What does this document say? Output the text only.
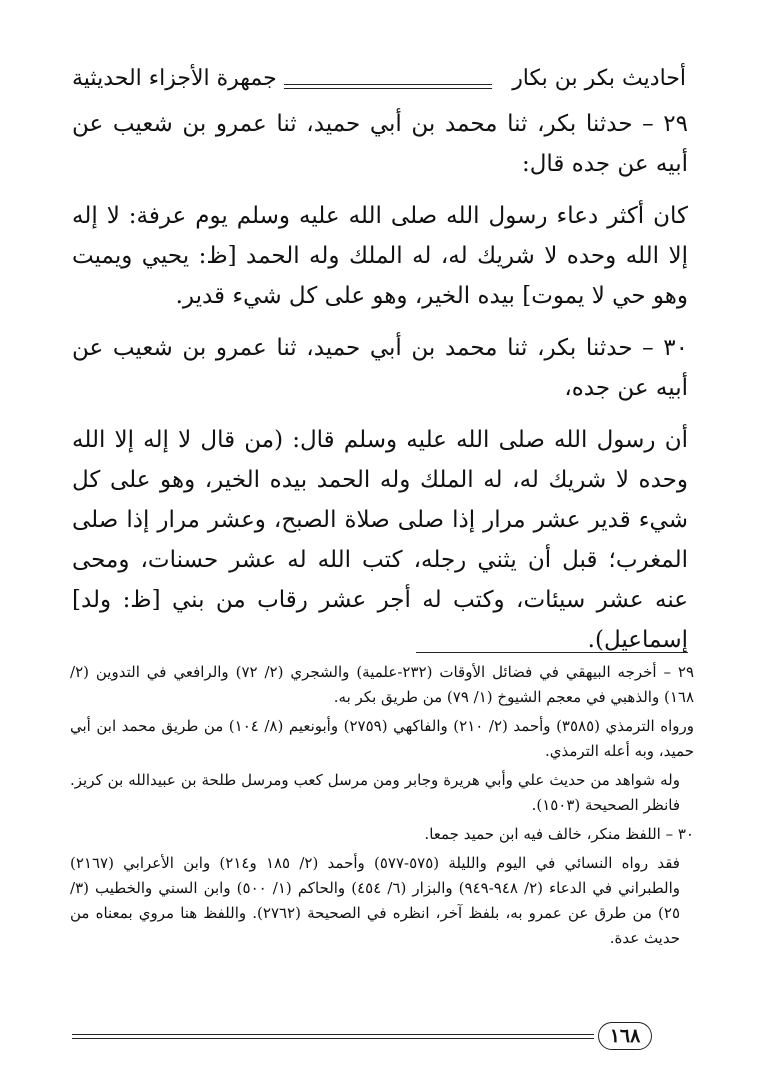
أحاديث بكر بن بكار
جمهرة الأجزاء الحديثية

٢٩ – حدثنا بكر، ثنا محمد بن أبي حميد، ثنا عمرو بن شعيب عن أبيه عن جده قال:

كان أكثر دعاء رسول الله صلى الله عليه وسلم يوم عرفة: لا إله إلا الله وحده لا شريك له، له الملك وله الحمد [ظ: يحيي ويميت وهو حي لا يموت] بيده الخير، وهو على كل شيء قدير.

٣٠ – حدثنا بكر، ثنا محمد بن أبي حميد، ثنا عمرو بن شعيب عن أبيه عن جده،

أن رسول الله صلى الله عليه وسلم قال: (من قال لا إله إلا الله وحده لا شريك له، له الملك وله الحمد بيده الخير، وهو على كل شيء قدير عشر مرار إذا صلى صلاة الصبح، وعشر مرار إذا صلى المغرب؛ قبل أن يثني رجله، كتب الله له عشر حسنات، ومحى عنه عشر سيئات، وكتب له أجر عشر رقاب من بني [ظ: ولد] إسماعيل).

٢٩ – أخرجه البيهقي في فضائل الأوقات (٢٣٢-علمية) والشجري (٢/ ٧٢) والرافعي في التدوين (٢/ ١٦٨) والذهبي في معجم الشيوخ (١/ ٧٩) من طريق بكر به.

ورواه الترمذي (٣٥٨٥) وأحمد (٢/ ٢١٠) والفاكهي (٢٧٥٩) وأبونعيم (٨/ ١٠٤) من طريق محمد ابن أبي حميد، وبه أعله الترمذي.

وله شواهد من حديث علي وأبي هريرة وجابر ومن مرسل كعب ومرسل طلحة بن عبيدالله بن كريز. فانظر الصحيحة (١٥٠٣).

٣٠ – اللفظ منكر، خالف فيه ابن حميد جمعا.

فقد رواه النسائي في اليوم والليلة (٥٧٥-٥٧٧) وأحمد (٢/ ١٨٥ و٢١٤) وابن الأعرابي (٢١٦٧) والطبراني في الدعاء (٢/ ٩٤٨-٩٤٩) والبزار (٦/ ٤٥٤) والحاكم (١/ ٥٠٠) وابن السني والخطيب (٣/ ٢٥) من طرق عن عمرو به، بلفظ آخر، انظره في الصحيحة (٢٧٦٢). واللفظ هنا مروي بمعناه من حديث عدة.

١٦٨
